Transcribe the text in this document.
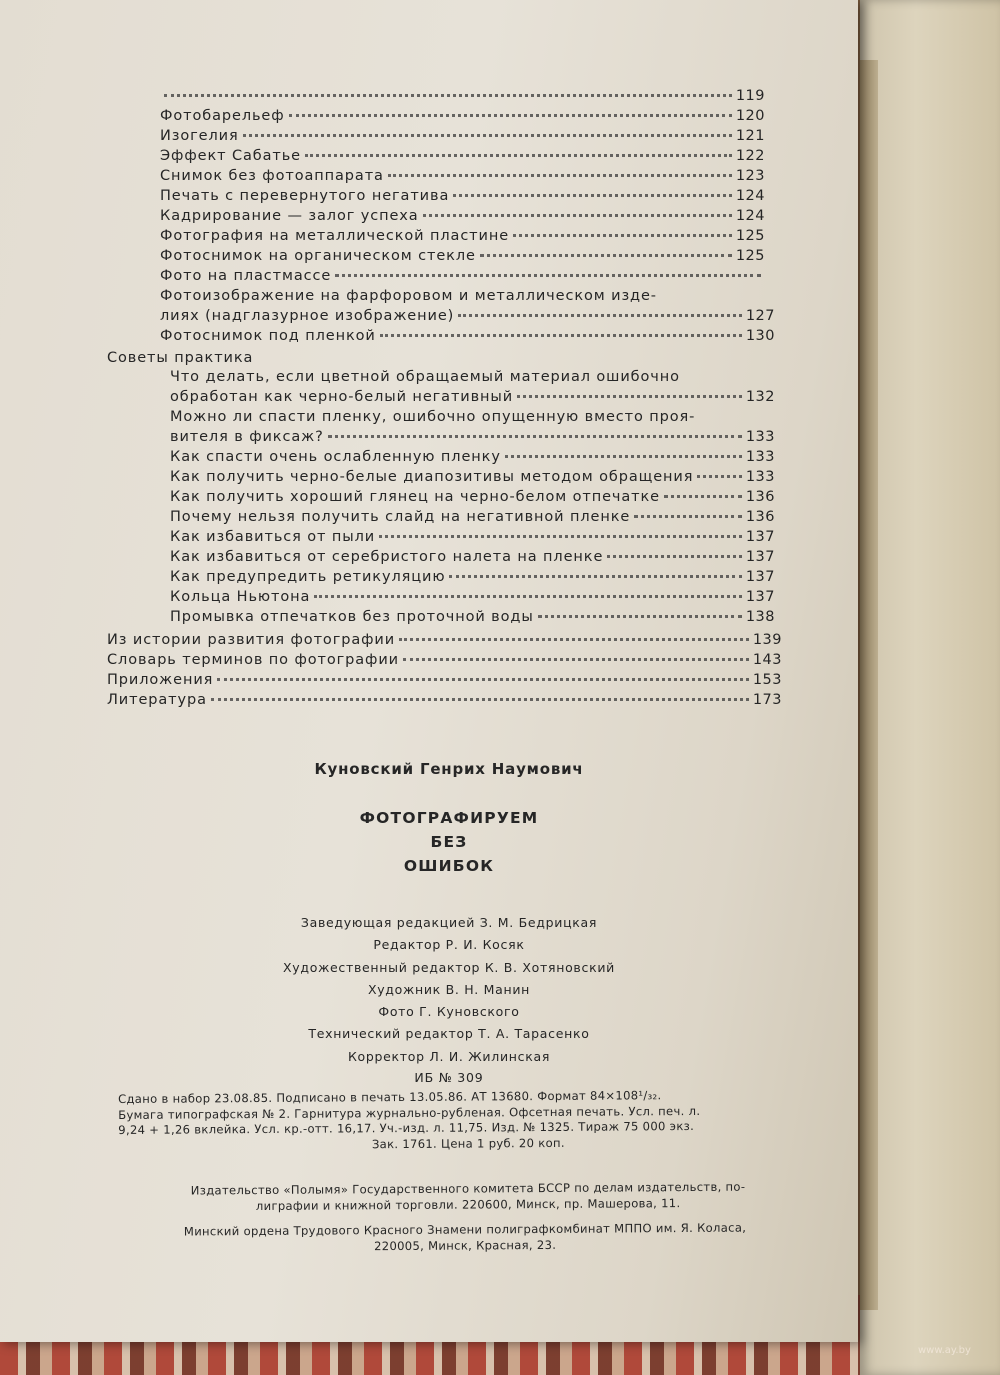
119
Фотобарельеф	120
Изогелия	121
Эффект Сабатье	122
Снимок без фотоаппарата	123
Печать с перевернутого негатива	124
Кадрирование — залог успеха	124
Фотография на металлической пластине	125
Фотоснимок на органическом стекле	125
Фото на пластмассе
Фотоизображение на фарфоровом и металлическом изде-
лиях (надглазурное изображение)	127
Фотоснимок под пленкой	130
Советы практика
Что делать, если цветной обращаемый материал ошибочно
обработан как черно-белый негативный	132
Можно ли спасти пленку, ошибочно опущенную вместо проя-
вителя в фиксаж?	133
Как спасти очень ослабленную пленку	133
Как получить черно-белые диапозитивы методом обращения	133
Как получить хороший глянец на черно-белом отпечатке	136
Почему нельзя получить слайд на негативной пленке	136
Как избавиться от пыли	137
Как избавиться от серебристого налета на пленке	137
Как предупредить ретикуляцию	137
Кольца Ньютона	137
Промывка отпечатков без проточной воды	138
Из истории развития фотографии	139
Словарь терминов по фотографии	143
Приложения	153
Литература	173
Куновский Генрих Наумович
ФОТОГРАФИРУЕМ
БЕЗ
ОШИБОК
Заведующая редакцией З. М. Бедрицкая
Редактор Р. И. Косяк
Художественный редактор К. В. Хотяновский
Художник В. Н. Манин
Фото Г. Куновского
Технический редактор Т. А. Тарасенко
Корректор Л. И. Жилинская
ИБ № 309
Сдано в набор 23.08.85. Подписано в печать 13.05.86. АТ 13680. Формат 84×108¹/₃₂.
Бумага типографская № 2. Гарнитура журнально-рубленая. Офсетная печать. Усл. печ. л.
9,24 + 1,26 вклейка. Усл. кр.-отт. 16,17. Уч.-изд. л. 11,75. Изд. № 1325. Тираж 75 000 экз.
Зак. 1761. Цена 1 руб. 20 коп.
Издательство «Полымя» Государственного комитета БССР по делам издательств, по-
лиграфии и книжной торговли. 220600, Минск, пр. Машерова, 11.
Минский ордена Трудового Красного Знамени полиграфкомбинат МППО им. Я. Коласа,
220005, Минск, Красная, 23.
www.ay.by
